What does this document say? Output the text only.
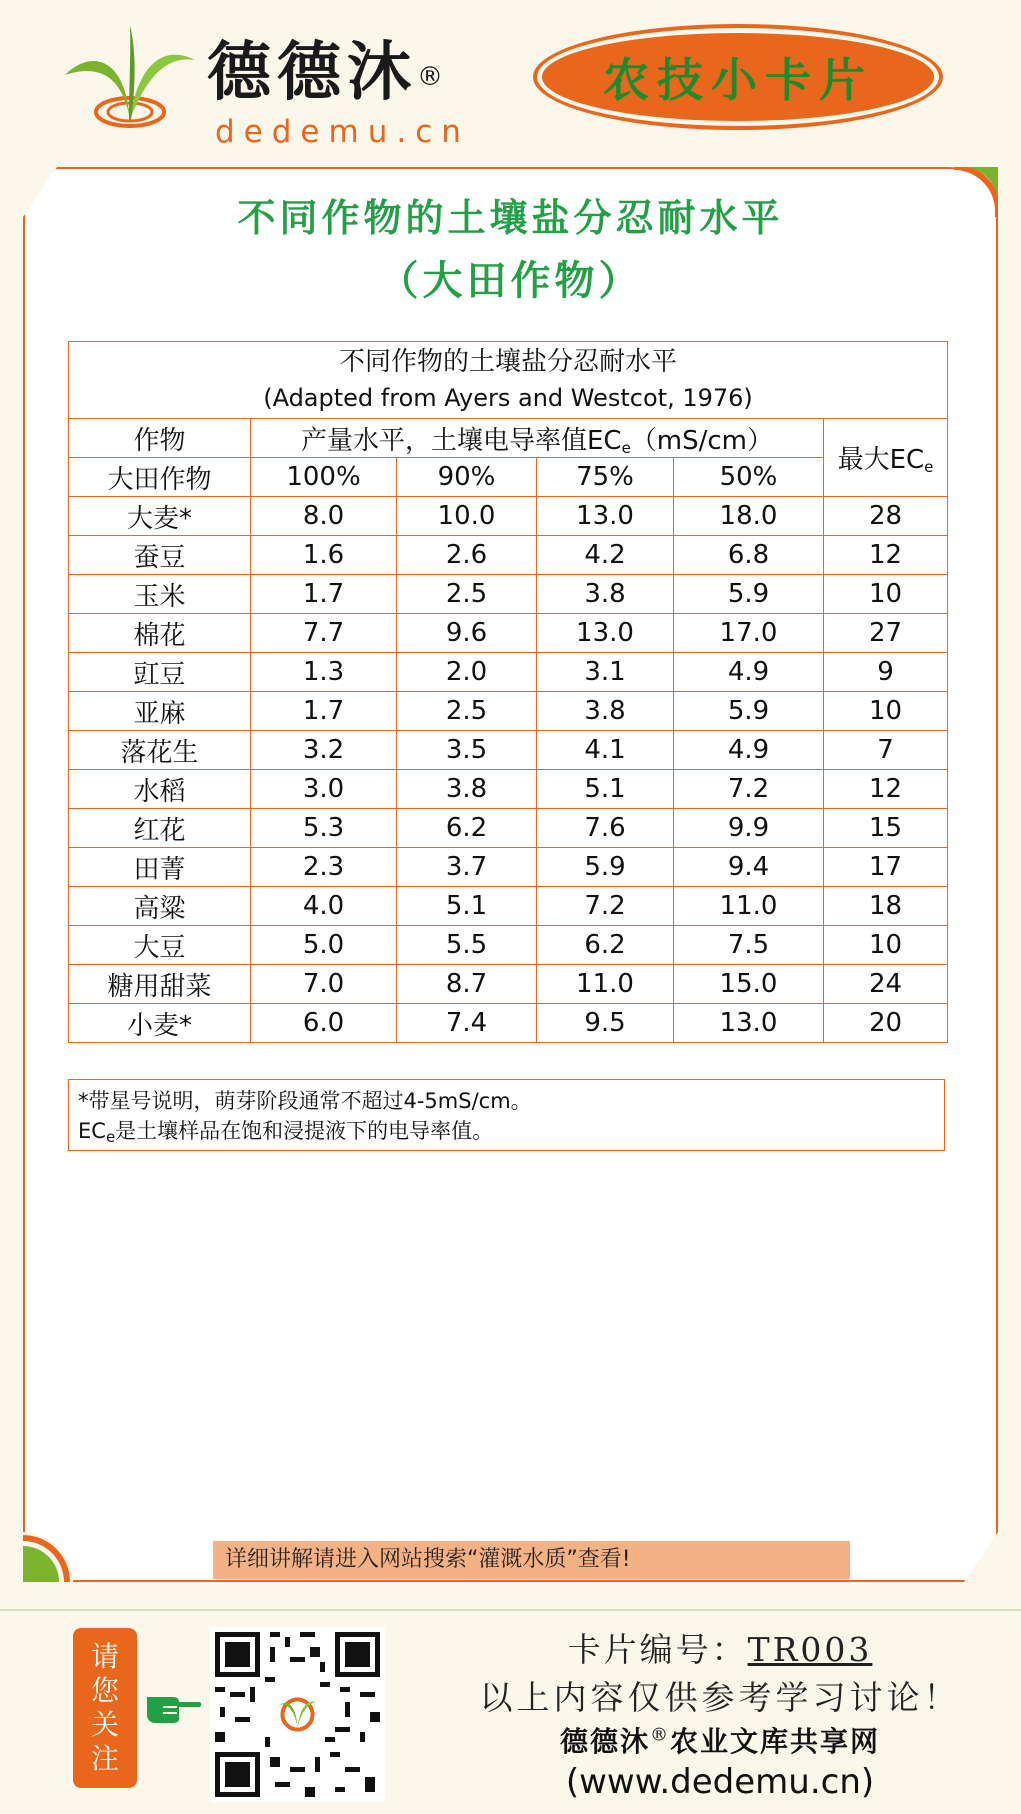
德德沐®
dedemu.cn
农技小卡片
不同作物的土壤盐分忍耐水平
（大田作物）
不同作物的土壤盐分忍耐水平
(Adapted from Ayers and Westcot, 1976)					

作物	产量水平，土壤电导率值$EC_e(mS/cm)$				最大$EC_e$
大田作物	100%	90%	75%	50%	
大麦*	8.0	10.0	13.0	18.0	28
蚕豆	1.6	2.6	4.2	6.8	12
玉米	1.7	2.5	3.8	5.9	10
棉花	7.7	9.6	13.0	17.0	27
豇豆	1.3	2.0	3.1	4.9	9
亚麻	1.7	2.5	3.8	5.9	10
落花生	3.2	3.5	4.1	4.9	7
水稻	3.0	3.8	5.1	7.2	12
红花	5.3	6.2	7.6	9.9	15
田菁	2.3	3.7	5.9	9.4	17
高粱	4.0	5.1	7.2	11.0	18
大豆	5.0	5.5	6.2	7.5	10
糖用甜菜	7.0	8.7	11.0	15.0	24
小麦*	6.0	7.4	9.5	13.0	20
*带星号说明，萌芽阶段通常不超过4-5mS/cm。
$EC_e$是土壤样品在饱和浸提液下的电导率值。
详细讲解请进入网站搜索“灌溉水质”查看!
请
您
关
注
卡片编号：TR003
以上内容仅供参考学习讨论！
德德沐®农业文库共享网
(www.dedemu.cn)
